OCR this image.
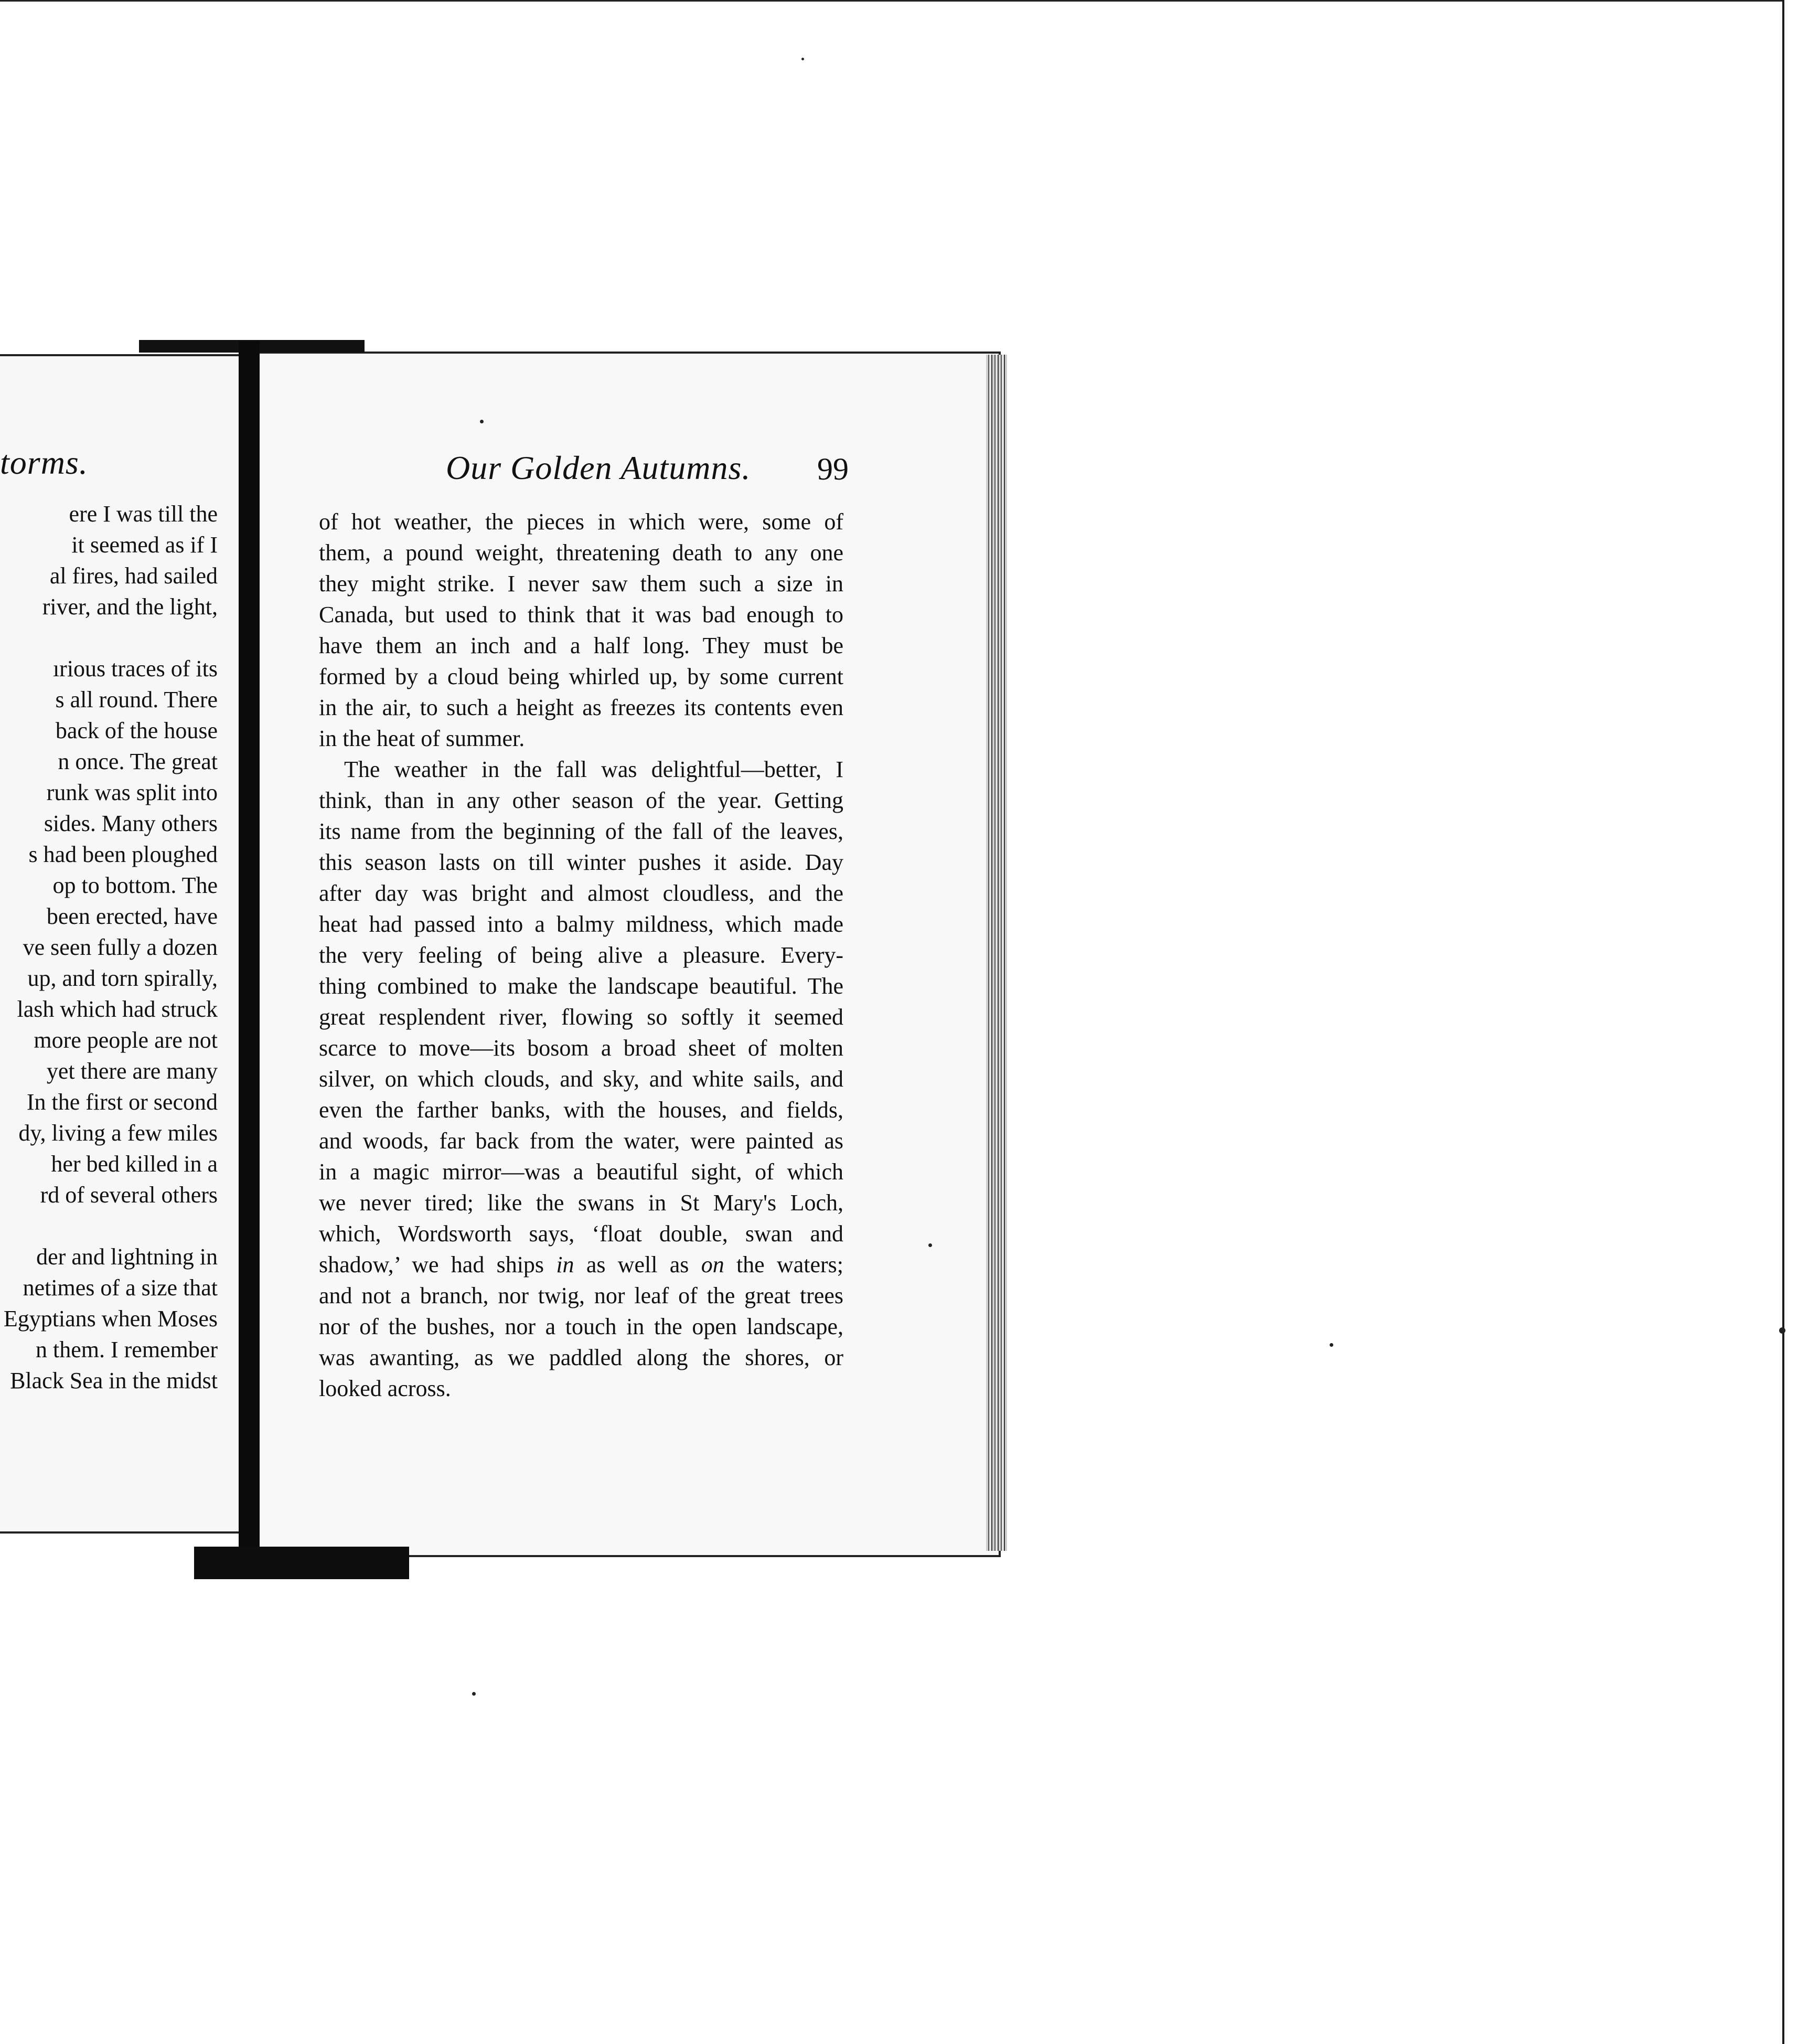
torms.
ere I was till the
it seemed as if I
al fires, had sailed
river, and the light,
ırious traces of its
s all round. There
back of the house
n once. The great
runk was split into
sides. Many others
s had been ploughed
op to bottom. The
been erected, have
ve seen fully a dozen
up, and torn spirally,
lash which had struck
more people are not
yet there are many
In the first or second
dy, living a few miles
her bed killed in a
rd of several others
der and lightning in
netimes of a size that
Egyptians when Moses
n them. I remember
Black Sea in the midst
Our Golden Autumns. 99
of hot weather, the pieces in which were, some of
them, a pound weight, threatening death to any one
they might strike. I never saw them such a size in
Canada, but used to think that it was bad enough to
have them an inch and a half long. They must be
formed by a cloud being whirled up, by some current
in the air, to such a height as freezes its contents even
in the heat of summer.
The weather in the fall was delightful—better, I
think, than in any other season of the year. Getting
its name from the beginning of the fall of the leaves,
this season lasts on till winter pushes it aside. Day
after day was bright and almost cloudless, and the
heat had passed into a balmy mildness, which made
the very feeling of being alive a pleasure. Every-
thing combined to make the landscape beautiful. The
great resplendent river, flowing so softly it seemed
scarce to move—its bosom a broad sheet of molten
silver, on which clouds, and sky, and white sails, and
even the farther banks, with the houses, and fields,
and woods, far back from the water, were painted as
in a magic mirror—was a beautiful sight, of which
we never tired; like the swans in St Mary's Loch,
which, Wordsworth says, ‘float double, swan and
shadow,’ we had ships in as well as on the waters;
and not a branch, nor twig, nor leaf of the great trees
nor of the bushes, nor a touch in the open landscape,
was awanting, as we paddled along the shores, or
looked across.
